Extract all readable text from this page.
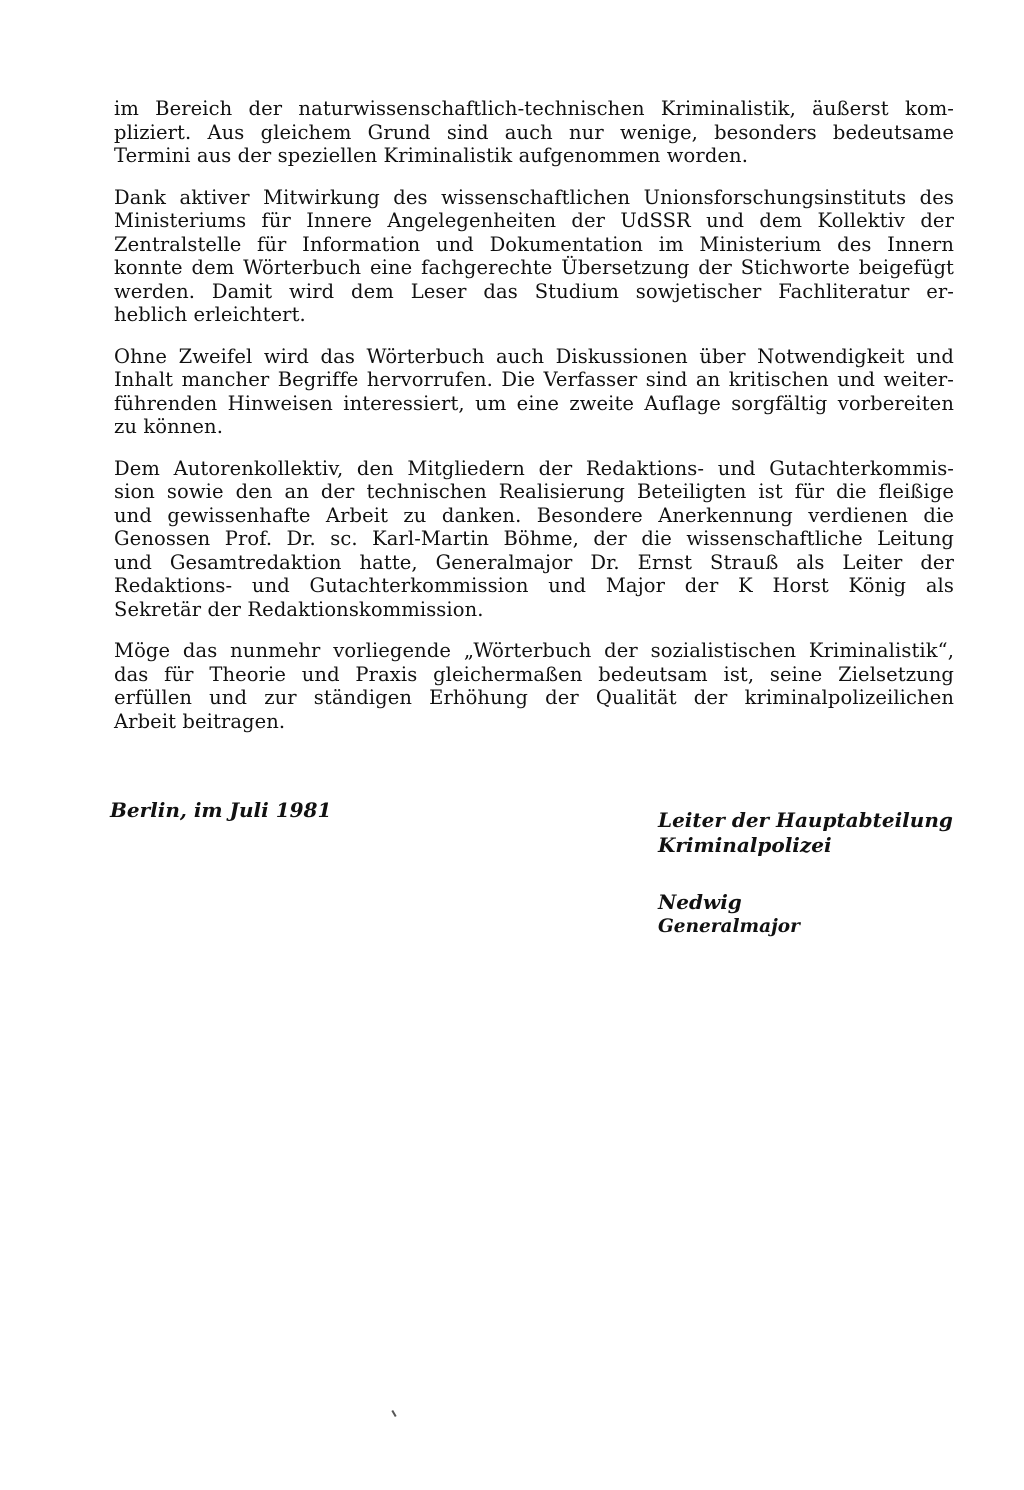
im Bereich der naturwissenschaftlich-technischen Kriminalistik, äußerst kom-
pliziert. Aus gleichem Grund sind auch nur wenige, besonders bedeutsame
Termini aus der speziellen Kriminalistik aufgenommen worden.

Dank aktiver Mitwirkung des wissenschaftlichen Unionsforschungsinstituts des
Ministeriums für Innere Angelegenheiten der UdSSR und dem Kollektiv der
Zentralstelle für Information und Dokumentation im Ministerium des Innern
konnte dem Wörterbuch eine fachgerechte Übersetzung der Stichworte beigefügt
werden. Damit wird dem Leser das Studium sowjetischer Fachliteratur er-
heblich erleichtert.

Ohne Zweifel wird das Wörterbuch auch Diskussionen über Notwendigkeit und
Inhalt mancher Begriffe hervorrufen. Die Verfasser sind an kritischen und weiter-
führenden Hinweisen interessiert, um eine zweite Auflage sorgfältig vorbereiten
zu können.

Dem Autorenkollektiv, den Mitgliedern der Redaktions- und Gutachterkommis-
sion sowie den an der technischen Realisierung Beteiligten ist für die fleißige
und gewissenhafte Arbeit zu danken. Besondere Anerkennung verdienen die
Genossen Prof. Dr. sc. Karl-Martin Böhme, der die wissenschaftliche Leitung
und Gesamtredaktion hatte, Generalmajor Dr. Ernst Strauß als Leiter der
Redaktions- und Gutachterkommission und Major der K Horst König als
Sekretär der Redaktionskommission.

Möge das nunmehr vorliegende „Wörterbuch der sozialistischen Kriminalistik“,
das für Theorie und Praxis gleichermaßen bedeutsam ist, seine Zielsetzung
erfüllen und zur ständigen Erhöhung der Qualität der kriminalpolizeilichen
Arbeit beitragen.

Berlin, im Juli 1981	Leiter der Hauptabteilung
Kriminalpolizei
Nedwig
Generalmajor
